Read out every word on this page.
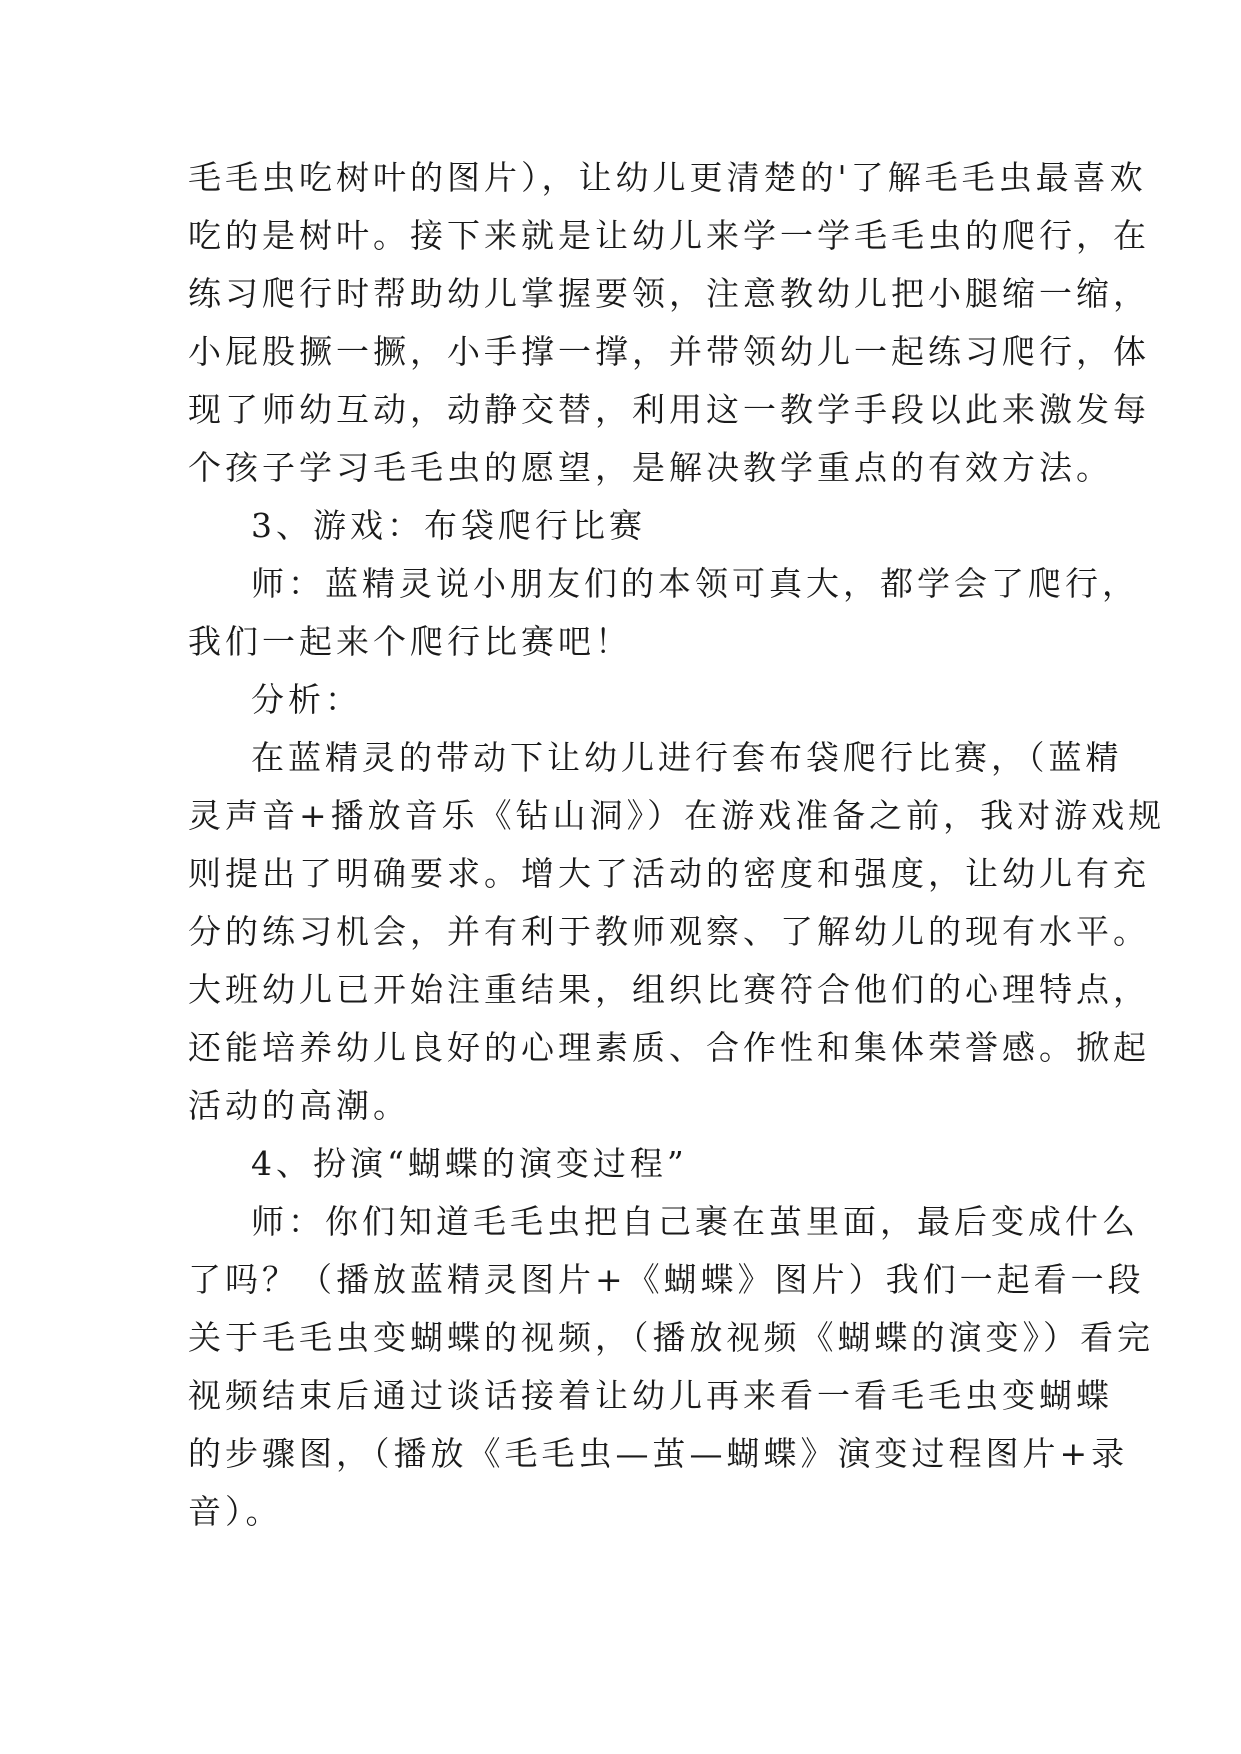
毛毛虫吃树叶的图片），让幼儿更清楚的'了解毛毛虫最喜欢
吃的是树叶。接下来就是让幼儿来学一学毛毛虫的爬行，在
练习爬行时帮助幼儿掌握要领，注意教幼儿把小腿缩一缩，
小屁股撅一撅，小手撑一撑，并带领幼儿一起练习爬行，体
现了师幼互动，动静交替，利用这一教学手段以此来激发每
个孩子学习毛毛虫的愿望，是解决教学重点的有效方法。
3、游戏：布袋爬行比赛
师：蓝精灵说小朋友们的本领可真大，都学会了爬行，
我们一起来个爬行比赛吧！
分析：
在蓝精灵的带动下让幼儿进行套布袋爬行比赛，（蓝精
灵声音+播放音乐《钻山洞》）在游戏准备之前，我对游戏规
则提出了明确要求。增大了活动的密度和强度，让幼儿有充
分的练习机会，并有利于教师观察、了解幼儿的现有水平。
大班幼儿已开始注重结果，组织比赛符合他们的心理特点，
还能培养幼儿良好的心理素质、合作性和集体荣誉感。掀起
活动的高潮。
4、扮演“蝴蝶的演变过程”
师：你们知道毛毛虫把自己裹在茧里面，最后变成什么
了吗？（播放蓝精灵图片+《蝴蝶》图片）我们一起看一段
关于毛毛虫变蝴蝶的视频，（播放视频《蝴蝶的演变》）看完
视频结束后通过谈话接着让幼儿再来看一看毛毛虫变蝴蝶
的步骤图，（播放《毛毛虫—茧—蝴蝶》演变过程图片+录
音）。
